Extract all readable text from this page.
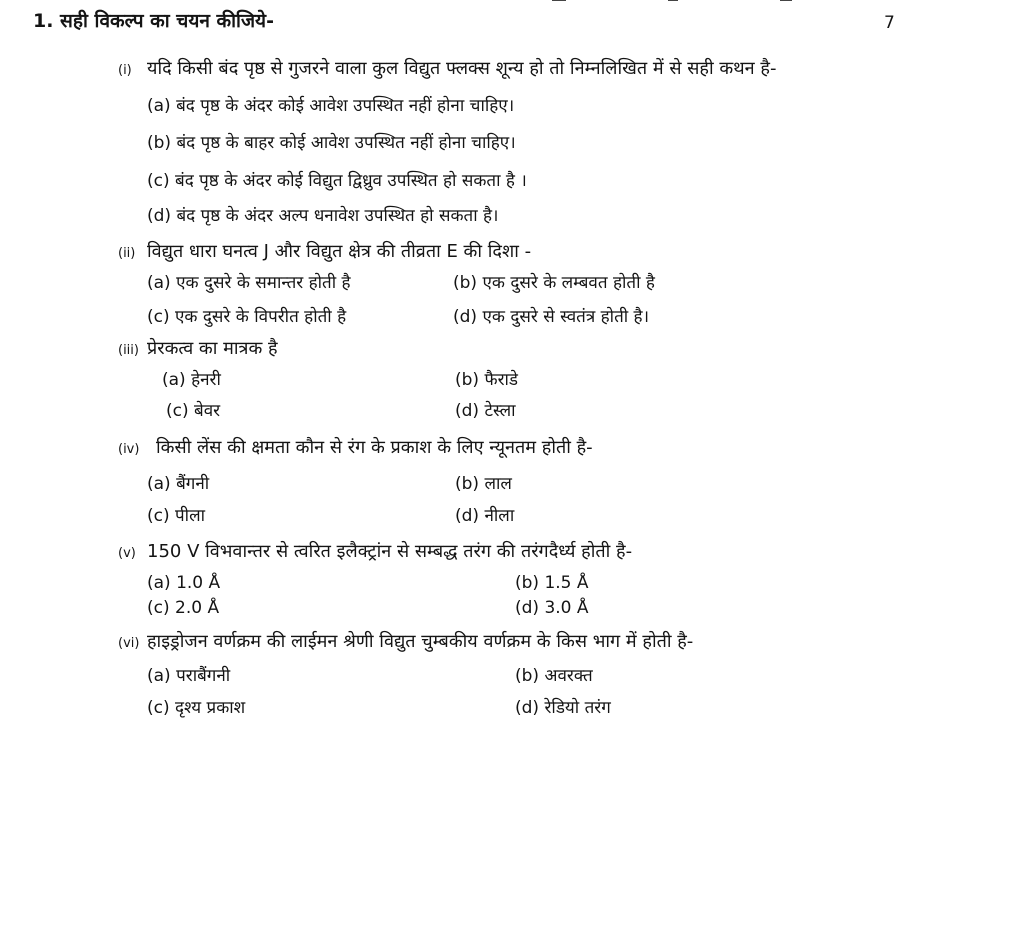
1. सही विकल्प का चयन कीजिये-	7
(i) यदि किसी बंद पृष्ठ से गुजरने वाला कुल विद्युत फ्लक्स शून्य हो तो निम्नलिखित में से सही कथन है-
(a) बंद पृष्ठ के अंदर कोई आवेश उपस्थित नहीं होना चाहिए।
(b) बंद पृष्ठ के बाहर कोई आवेश उपस्थित नहीं होना चाहिए।
(c) बंद पृष्ठ के अंदर कोई विद्युत द्विध्रुव उपस्थित हो सकता है ।
(d) बंद पृष्ठ के अंदर अल्प धनावेश उपस्थित हो सकता है।
(ii) विद्युत धारा घनत्व J और विद्युत क्षेत्र की तीव्रता E की दिशा -
(a) एक दुसरे के समान्तर होती है	(b) एक दुसरे के लम्बवत होती है
(c) एक दुसरे के विपरीत होती है	(d) एक दुसरे से स्वतंत्र होती है।
(iii) प्रेरकत्व का मात्रक है
(a) हेनरी	(b) फैराडे
(c) बेवर	(d) टेस्ला
(iv) किसी लेंस की क्षमता कौन से रंग के प्रकाश के लिए न्यूनतम होती है-
(a) बैंगनी	(b) लाल
(c) पीला	(d) नीला
(v) 150 V विभवान्तर से त्वरित इलैक्ट्रांन से सम्बद्ध तरंग की तरंगदैर्ध्य होती है-
(a) 1.0 Å	(b) 1.5 Å
(c) 2.0 Å	(d) 3.0 Å
(vi) हाइड्रोजन वर्णक्रम की लाईमन श्रेणी विद्युत चुम्बकीय वर्णक्रम के किस भाग में होती है-
(a) पराबैंगनी	(b) अवरक्त
(c) दृश्य प्रकाश	(d) रेडियो तरंग
